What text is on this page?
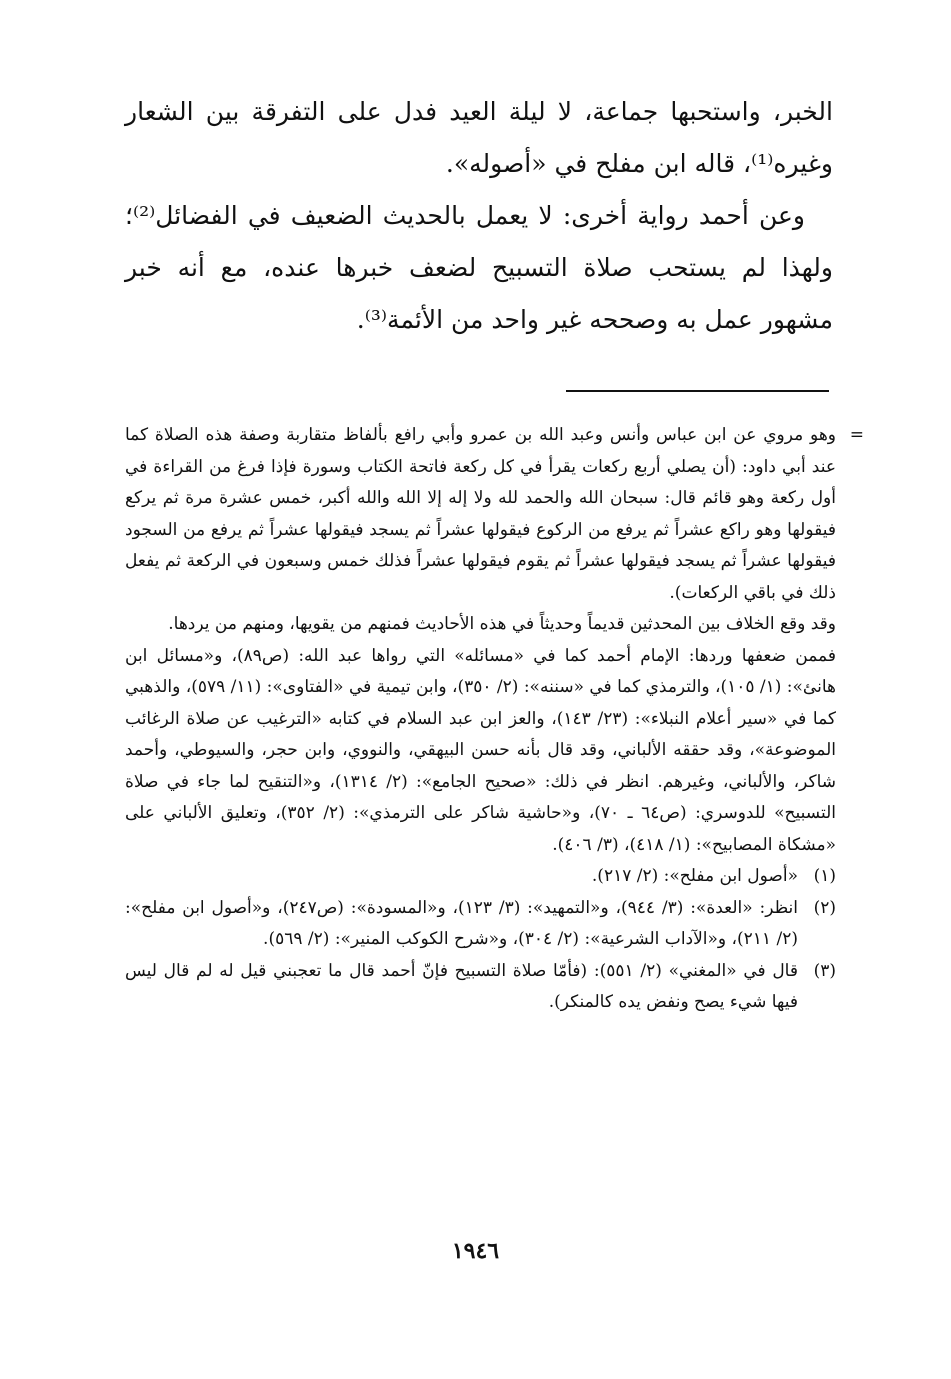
الخبر، واستحبها جماعة، لا ليلة العيد فدل على التفرقة بين الشعار وغيره⁽¹⁾، قاله ابن مفلح في «أصوله».

وعن أحمد رواية أخرى: لا يعمل بالحديث الضعيف في الفضائل⁽²⁾؛ ولهذا لم يستحب صلاة التسبيح لضعف خبرها عنده، مع أنه خبر مشهور عمل به وصححه غير واحد من الأئمة⁽³⁾.

=
وهو مروي عن ابن عباس وأنس وعبد الله بن عمرو وأبي رافع بألفاظ متقاربة وصفة هذه الصلاة كما عند أبي داود: (أن يصلي أربع ركعات يقرأ في كل ركعة فاتحة الكتاب وسورة فإذا فرغ من القراءة في أول ركعة وهو قائم قال: سبحان الله والحمد لله ولا إله إلا الله والله أكبر، خمس عشرة مرة ثم يركع فيقولها وهو راكع عشراً ثم يرفع من الركوع فيقولها عشراً ثم يسجد فيقولها عشراً ثم يرفع من السجود فيقولها عشراً ثم يسجد فيقولها عشراً ثم يقوم فيقولها عشراً فذلك خمس وسبعون في الركعة ثم يفعل ذلك في باقي الركعات).

وقد وقع الخلاف بين المحدثين قديماً وحديثاً في هذه الأحاديث فمنهم من يقويها، ومنهم من يردها.

فممن ضعفها وردها: الإمام أحمد كما في «مسائله» التي رواها عبد الله: (ص٨٩)، و«مسائل ابن هانئ»: (١/ ١٠٥)، والترمذي كما في «سننه»: (٢/ ٣٥٠)، وابن تيمية في «الفتاوى»: (١١/ ٥٧٩)، والذهبي كما في «سير أعلام النبلاء»: (٢٣/ ١٤٣)، والعز ابن عبد السلام في كتابه «الترغيب عن صلاة الرغائب الموضوعة»، وقد حققه الألباني، وقد قال بأنه حسن البيهقي، والنووي، وابن حجر، والسيوطي، وأحمد شاكر، والألباني، وغيرهم. انظر في ذلك: «صحيح الجامع»: (٢/ ١٣١٤)، و«التنقيح لما جاء في صلاة التسبيح» للدوسري: (ص٦٤ ـ ٧٠)، و«حاشية شاكر على الترمذي»: (٢/ ٣٥٢)، وتعليق الألباني على «مشكاة المصابيح»: (١/ ٤١٨)، (٣/ ٤٠٦).

(١)
«أصول ابن مفلح»: (٢/ ٢١٧).
(٢)
انظر: «العدة»: (٣/ ٩٤٤)، و«التمهيد»: (٣/ ١٢٣)، و«المسودة»: (ص٢٤٧)، و«أصول ابن مفلح»: (٢/ ٢١١)، و«الآداب الشرعية»: (٢/ ٣٠٤)، و«شرح الكوكب المنير»: (٢/ ٥٦٩).
(٣)
قال في «المغني» (٢/ ٥٥١): (فأمّا صلاة التسبيح فإنّ أحمد قال ما تعجبني قيل له لم قال ليس فيها شيء يصح ونفض يده كالمنكر).
١٩٤٦
